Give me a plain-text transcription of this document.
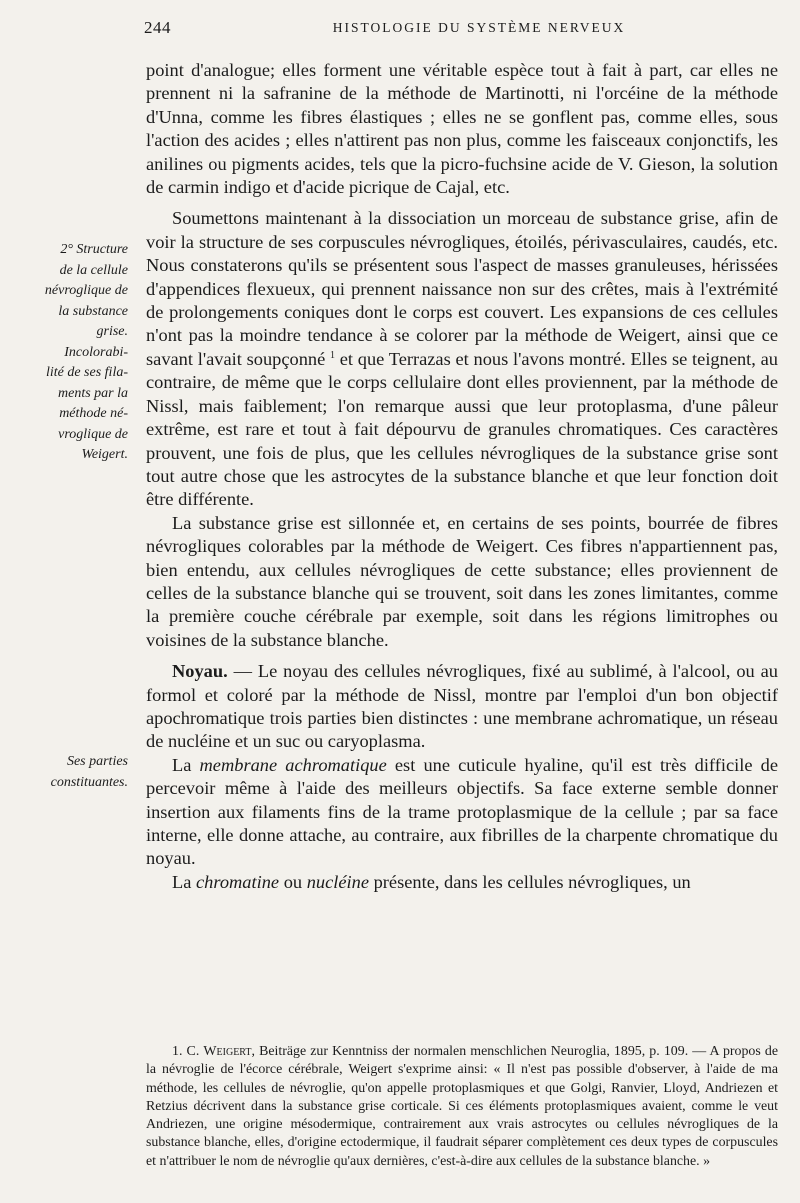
244	HISTOLOGIE DU SYSTÈME NERVEUX
2° Structure
de la cellule
névroglique de
la substance
grise.
Incolorabi-
lité de ses fila-
ments par la
méthode né-
vroglique de
Weigert.
Ses parties
constituantes.

point d'analogue; elles forment une véritable espèce tout à fait à part, car elles ne prennent ni la safranine de la méthode de Martinotti, ni l'orcéine de la méthode d'Unna, comme les fibres élastiques ; elles ne se gonflent pas, comme elles, sous l'action des acides ; elles n'attirent pas non plus, comme les faisceaux conjonctifs, les anilines ou pigments acides, tels que la picro-fuchsine acide de V. Gieson, la solution de carmin indigo et d'acide picrique de Cajal, etc.

Soumettons maintenant à la dissociation un morceau de substance grise, afin de voir la structure de ses corpuscules névrogliques, étoilés, périvasculaires, caudés, etc. Nous constaterons qu'ils se présentent sous l'aspect de masses granuleuses, hérissées d'appendices flexueux, qui prennent naissance non sur des crêtes, mais à l'extrémité de prolongements coniques dont le corps est couvert. Les expansions de ces cellules n'ont pas la moindre tendance à se colorer par la méthode de Weigert, ainsi que ce savant l'avait soupçonné $^1$ et que Terrazas et nous l'avons montré. Elles se teignent, au contraire, de même que le corps cellulaire dont elles proviennent, par la méthode de Nissl, mais faiblement; l'on remarque aussi que leur protoplasma, d'une pâleur extrême, est rare et tout à fait dépourvu de granules chromatiques. Ces caractères prouvent, une fois de plus, que les cellules névrogliques de la substance grise sont tout autre chose que les astrocytes de la substance blanche et que leur fonction doit être différente.

La substance grise est sillonnée et, en certains de ses points, bourrée de fibres névrogliques colorables par la méthode de Weigert. Ces fibres n'appartiennent pas, bien entendu, aux cellules névrogliques de cette substance; elles proviennent de celles de la substance blanche qui se trouvent, soit dans les zones limitantes, comme la première couche cérébrale par exemple, soit dans les régions limitrophes ou voisines de la substance blanche.

Noyau. — Le noyau des cellules névrogliques, fixé au sublimé, à l'alcool, ou au formol et coloré par la méthode de Nissl, montre par l'emploi d'un bon objectif apochromatique trois parties bien distinctes : une membrane achromatique, un réseau de nucléine et un suc ou caryoplasma.

La membrane achromatique est une cuticule hyaline, qu'il est très difficile de percevoir même à l'aide des meilleurs objectifs. Sa face externe semble donner insertion aux filaments fins de la trame protoplasmique de la cellule ; par sa face interne, elle donne attache, au contraire, aux fibrilles de la charpente chromatique du noyau.

La chromatine ou nucléine présente, dans les cellules névrogliques, un

1. C. Weigert, Beiträge zur Kenntniss der normalen menschlichen Neuroglia, 1895, p. 109. — A propos de la névroglie de l'écorce cérébrale, Weigert s'exprime ainsi: « Il n'est pas possible d'observer, à l'aide de ma méthode, les cellules de névroglie, qu'on appelle protoplasmiques et que Golgi, Ranvier, Lloyd, Andriezen et Retzius décrivent dans la substance grise corticale. Si ces éléments protoplasmiques avaient, comme le veut Andriezen, une origine mésodermique, contrairement aux vrais astrocytes ou cellules névrogliques de la substance blanche, elles, d'origine ectodermique, il faudrait séparer complètement ces deux types de corpuscules et n'attribuer le nom de névroglie qu'aux dernières, c'est-à-dire aux cellules de la substance blanche. »
